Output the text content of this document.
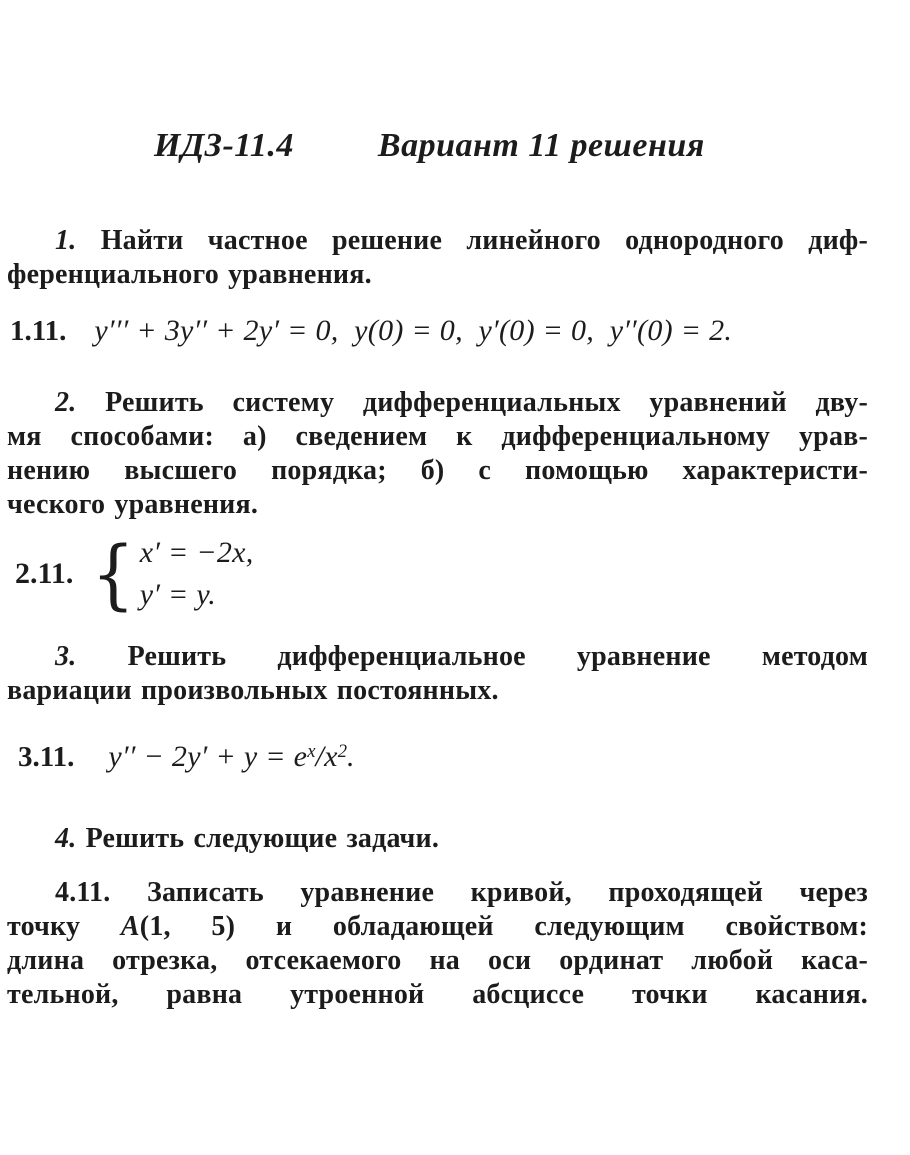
ИДЗ-11.4 Вариант 11 решения
1. Найти частное решение линейного однородного диф-
ференциального уравнения.
1.11. y′′′ + 3y′′ + 2y′ = 0,  y(0) = 0,  y′(0) = 0,  y′′(0) = 2.
2. Решить систему дифференциальных уравнений дву-
мя способами: а) сведением к дифференциальному урав-
нению высшего порядка; б) с помощью характеристи-
ческого уравнения.
2.11. { x′ = −2x,
y′ = y.
3. Решить дифференциальное уравнение методом
вариации произвольных постоянных.
3.11. $y'' - 2y' + y = e^x/x^2$.
4. Решить следующие задачи.
4.11. Записать уравнение кривой, проходящей через
точку A(1, 5) и обладающей следующим свойством:
длина отрезка, отсекаемого на оси ординат любой каса-
тельной, равна утроенной абсциссе точки касания.
